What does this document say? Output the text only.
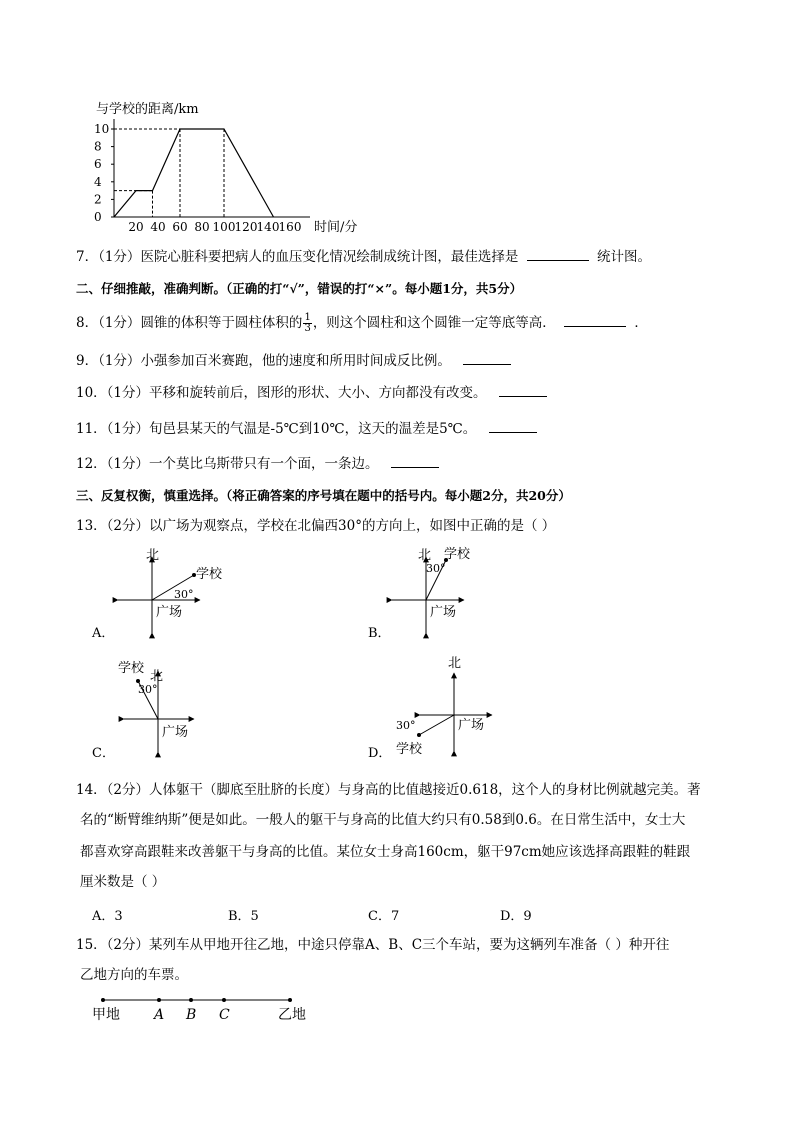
与学校的距离/km
10
8
6
4
2
0
20 40 60 80 100 120 140 160 时间/分
7．（1分）医院心脏科要把病人的血压变化情况绘制成统计图，最佳选择是	统计图。
二、仔细推敲，准确判断。（正确的打“√”，错误的打“×”。每小题1分，共5分）
8．（1分）圆锥的体积等于圆柱体积的 $\frac{1}{3}$ ，则这个圆柱和这个圆锥一定等底等高．	．
9．（1分）小强参加百米赛跑，他的速度和所用时间成反比例。
10．（1分）平移和旋转前后，图形的形状、大小、方向都没有改变。
11．（1分）旬邑县某天的气温是-5℃到10℃，这天的温差是5℃。
12．（1分）一个莫比乌斯带只有一个面，一条边。
三、反复权衡，慎重选择。（将正确答案的序号填在题中的括号内。每小题2分，共20分）
13．（2分）以广场为观察点，学校在北偏西30°的方向上，如图中正确的是（ ）
北
学校
30°
广场
A．
北 学校
30°
广场
B．
北
学校
30°
广场
C．
北
学校
30°	广场
D．
14．（2分）人体躯干（脚底至肚脐的长度）与身高的比值越接近0.618，这个人的身材比例就越完美。著
名的“断臂维纳斯”便是如此。一般人的躯干与身高的比值大约只有0.58到0.6。在日常生活中，女士大
都喜欢穿高跟鞋来改善躯干与身高的比值。某位女士身高160cm，躯干97cm她应该选择高跟鞋的鞋跟
厘米数是（ ）
A．3	B．5	C．7	D．9
15．（2分）某列车从甲地开往乙地，中途只停靠A、B、C三个车站，要为这辆列车准备（ ）种开往
乙地方向的车票。
甲地 A B C	乙地
